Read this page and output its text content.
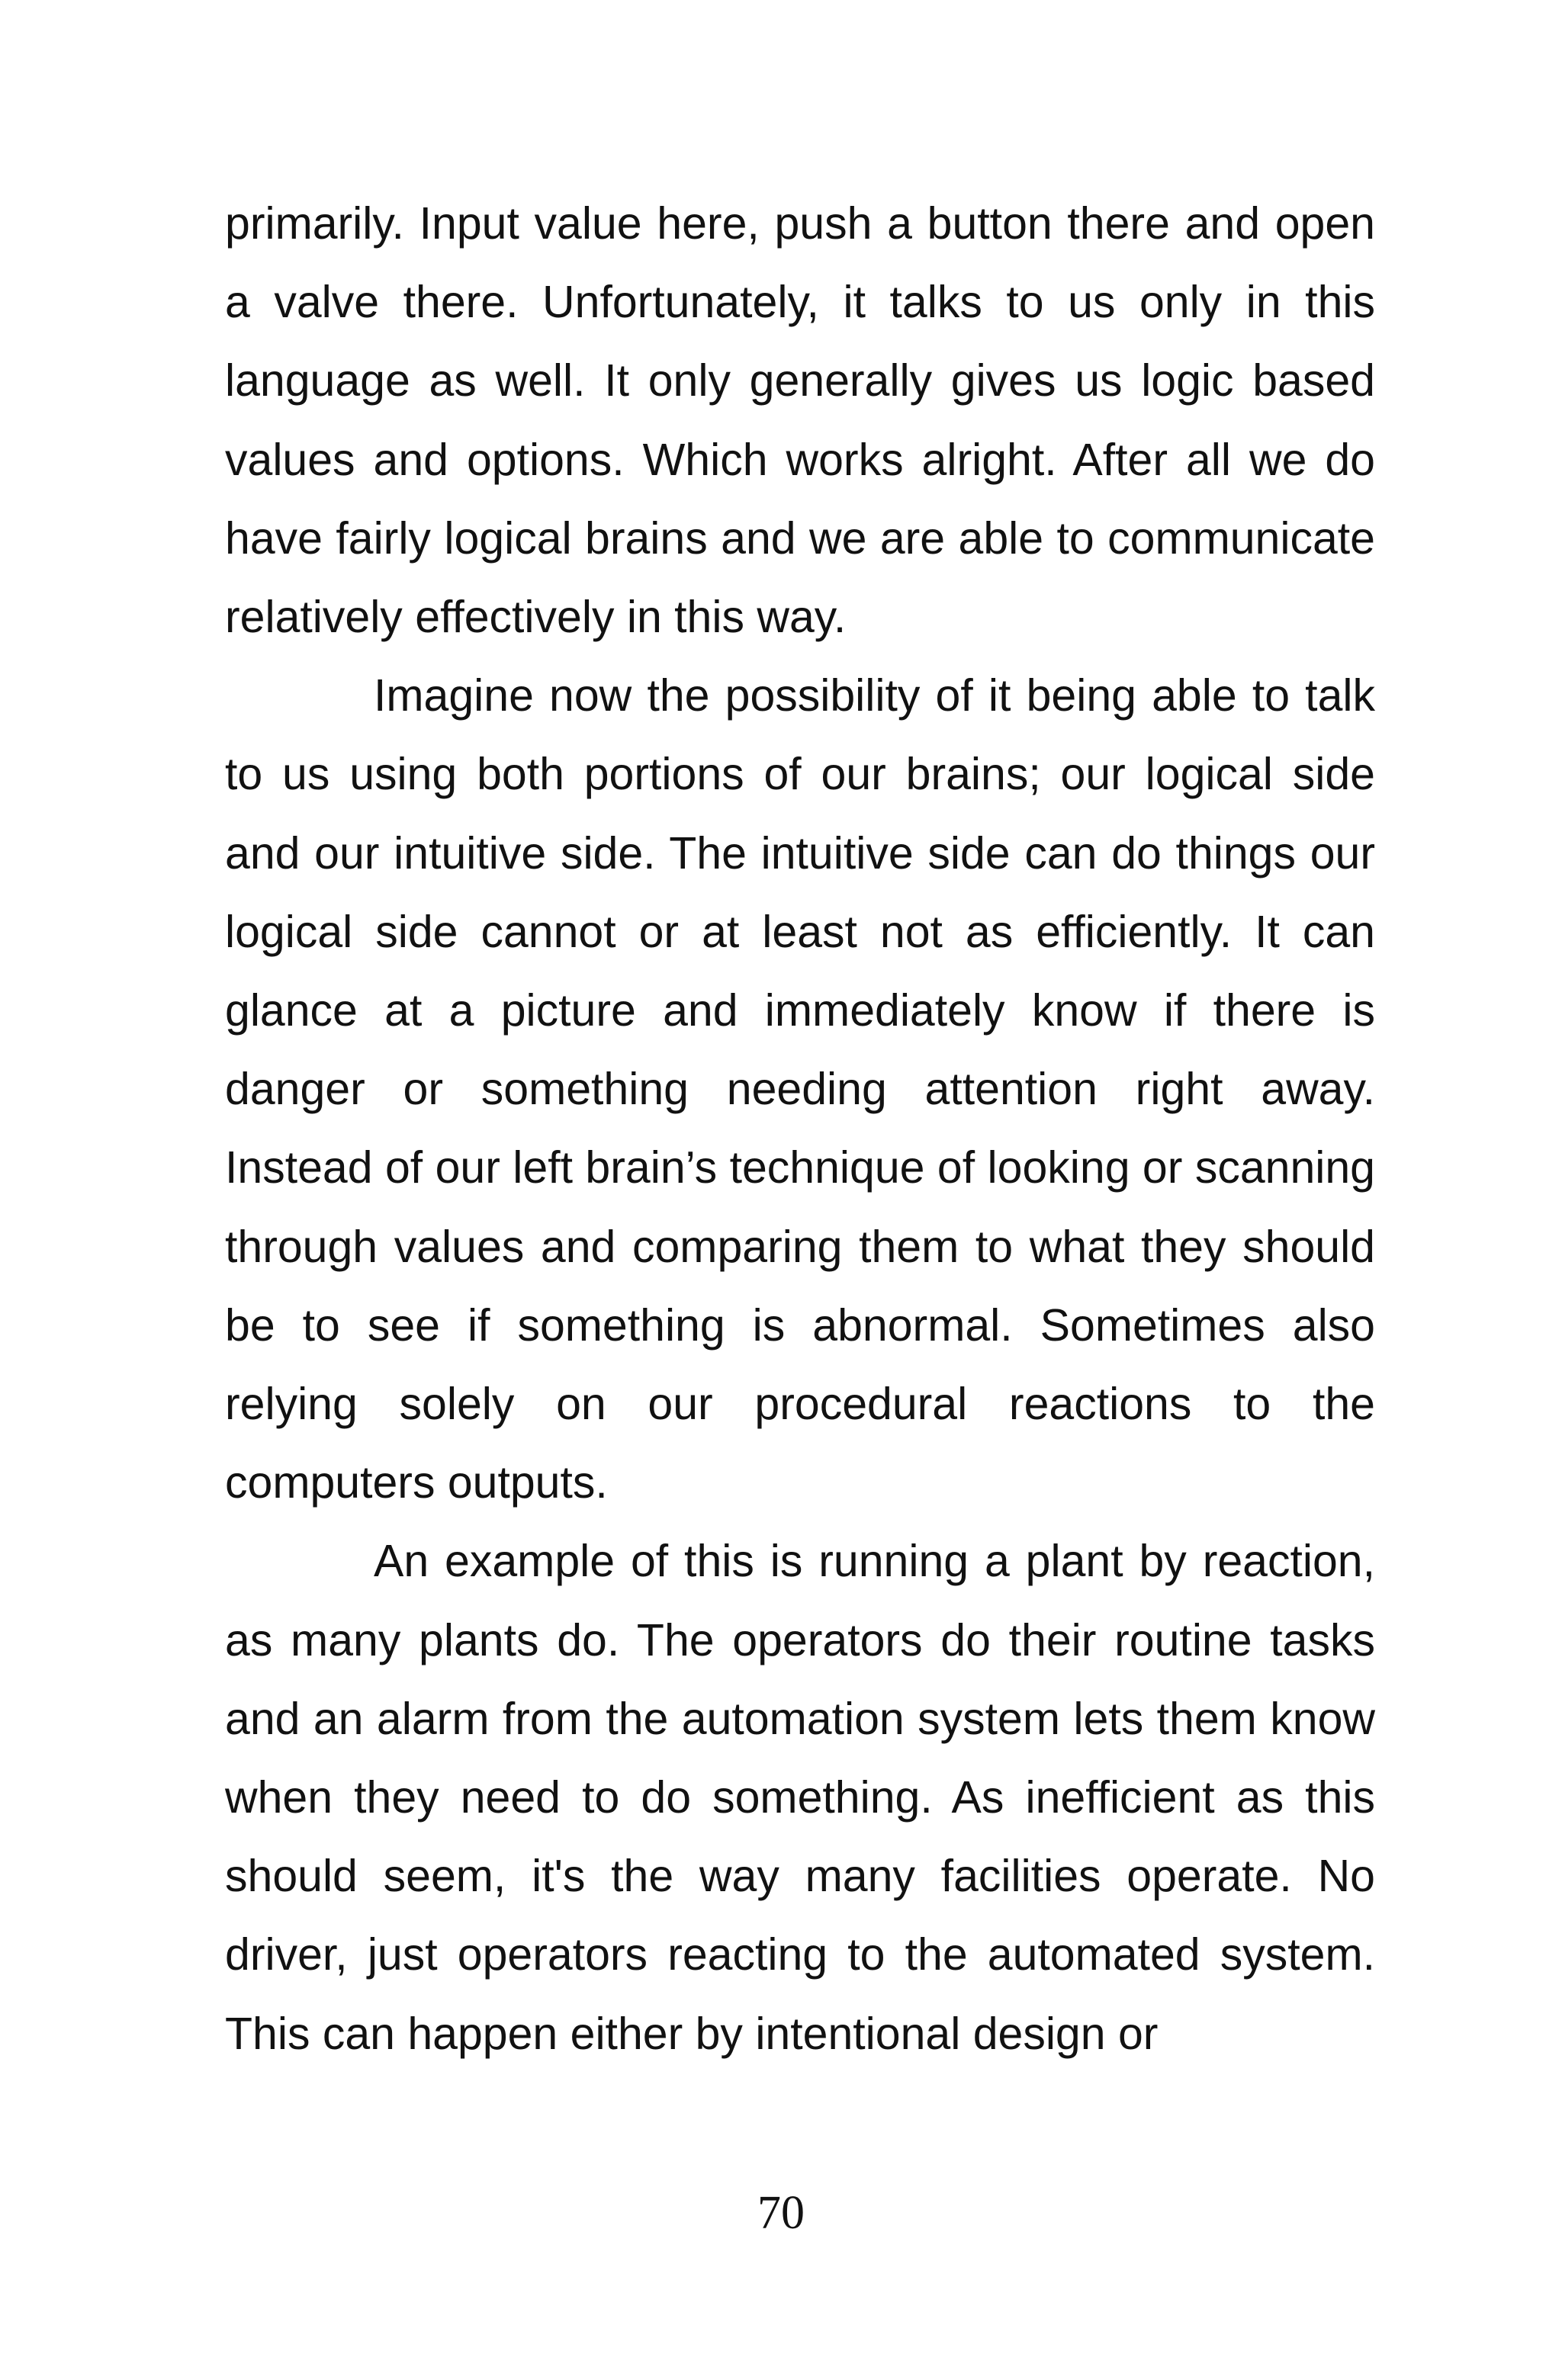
primarily. Input value here, push a button there and open a valve there. Unfortunately, it talks to us only in this language as well. It only generally gives us logic based values and options. Which works alright. After all we do have fairly logical brains and we are able to communicate relatively effectively in this way.

Imagine now the possibility of it being able to talk to us using both portions of our brains; our logical side and our intuitive side. The intuitive side can do things our logical side cannot or at least not as efficiently. It can glance at a picture and immediately know if there is danger or something needing attention right away. Instead of our left brain’s technique of looking or scanning through values and comparing them to what they should be to see if something is abnormal. Sometimes also relying solely on our procedural reactions to the computers outputs.

An example of this is running a plant by reaction, as many plants do. The operators do their routine tasks and an alarm from the automation system lets them know when they need to do something. As inefficient as this should seem, it's the way many facilities operate. No driver, just operators reacting to the automated system. This can happen either by intentional design or

70
